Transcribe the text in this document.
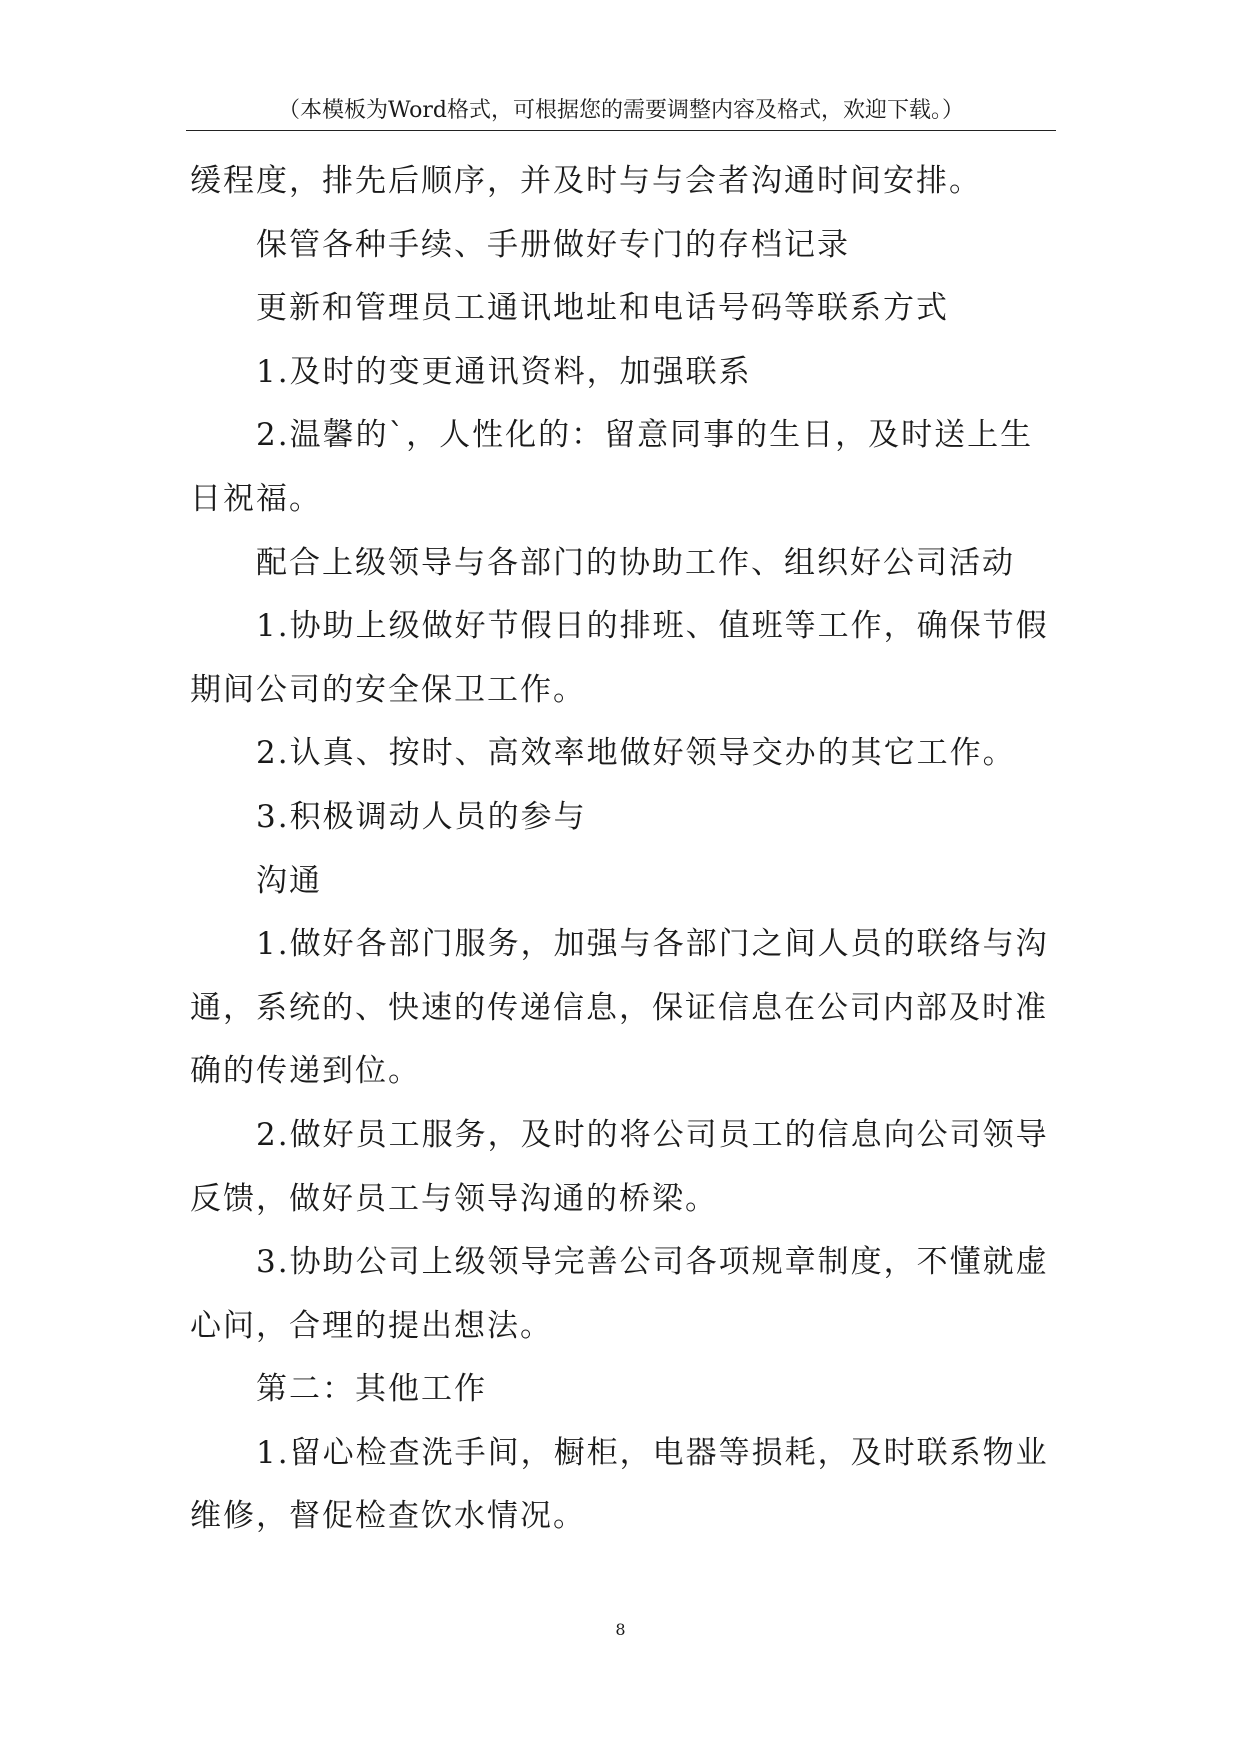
（本模板为Word格式，可根据您的需要调整内容及格式，欢迎下载。）
缓程度，排先后顺序，并及时与与会者沟通时间安排。
保管各种手续、手册做好专门的存档记录
更新和管理员工通讯地址和电话号码等联系方式
1.及时的变更通讯资料，加强联系
2.温馨的`，人性化的：留意同事的生日，及时送上生
日祝福。
配合上级领导与各部门的协助工作、组织好公司活动
1.协助上级做好节假日的排班、值班等工作，确保节假
期间公司的安全保卫工作。
2.认真、按时、高效率地做好领导交办的其它工作。
3.积极调动人员的参与
沟通
1.做好各部门服务，加强与各部门之间人员的联络与沟
通，系统的、快速的传递信息，保证信息在公司内部及时准
确的传递到位。
2.做好员工服务，及时的将公司员工的信息向公司领导
反馈，做好员工与领导沟通的桥梁。
3.协助公司上级领导完善公司各项规章制度，不懂就虚
心问，合理的提出想法。
第二：其他工作
1.留心检查洗手间，橱柜，电器等损耗，及时联系物业
维修，督促检查饮水情况。
8
